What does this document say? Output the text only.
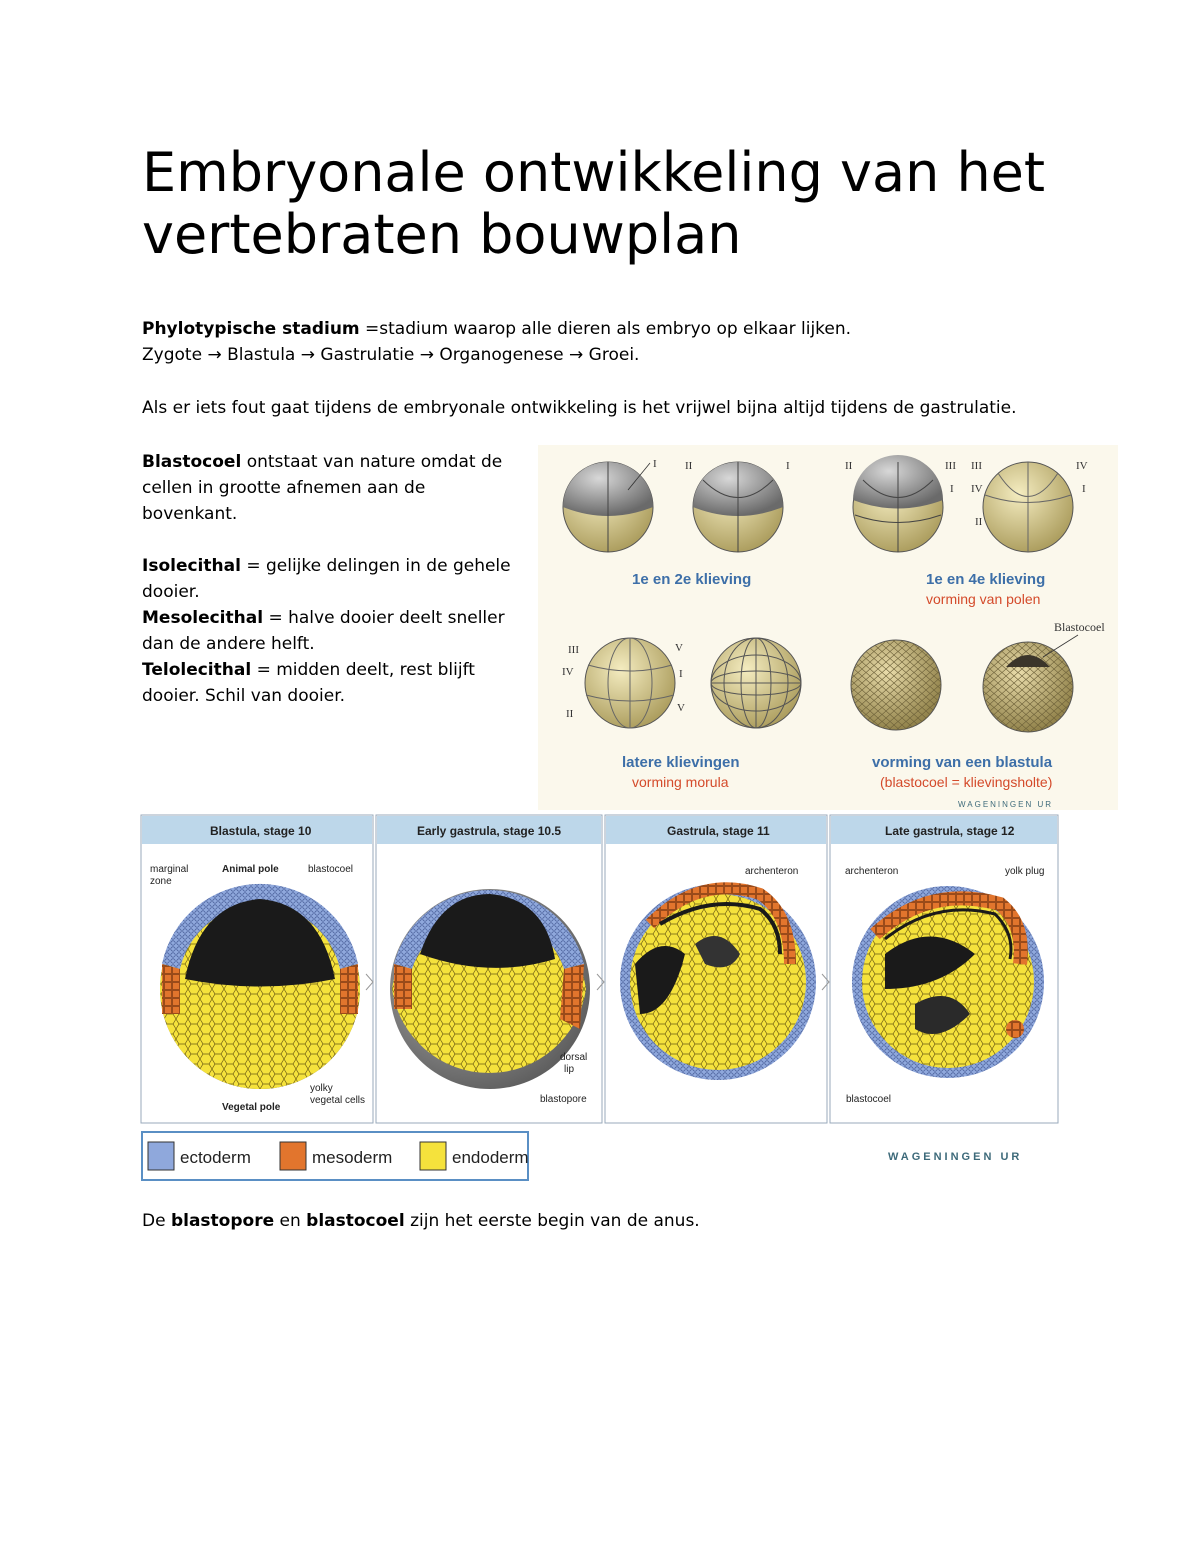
Embryonale ontwikkeling van het vertebraten bouwplan
Phylotypische stadium =stadium waarop alle dieren als embryo op elkaar lijken.
Zygote → Blastula → Gastrulatie → Organogenese → Groei.
Als er iets fout gaat tijdens de embryonale ontwikkeling is het vrijwel bijna altijd tijdens de gastrulatie.
Blastocoel ontstaat van nature omdat de cellen in grootte afnemen aan de bovenkant.
Isolecithal = gelijke delingen in de gehele dooier.
Mesolecithal = halve dooier deelt sneller dan de andere helft.
Telolecithal = midden deelt, rest blijft dooier. Schil van dooier.
I	II	I	II	III
I
III
IV
II
IV
I
1e en 2e klieving	1e en 4e klieving
vorming van polen
Blastocoel
III
IV
II
V
I
V
latere klievingen
vorming morula
vorming van een blastula
(blastocoel = klievingsholte)
WAGENINGEN UR
Blastula, stage 10	Early gastrula, stage 10.5	Gastrula, stage 11	Late gastrula, stage 12
marginal
zone
Animal pole	blastocoel
yolky
vegetal cells
Vegetal pole
dorsal
lip
blastopore
archenteron	archenteron	yolk plug
blastocoel
ectoderm	mesoderm	endoderm	WAGENINGEN UR
De blastopore en blastocoel zijn het eerste begin van de anus.
